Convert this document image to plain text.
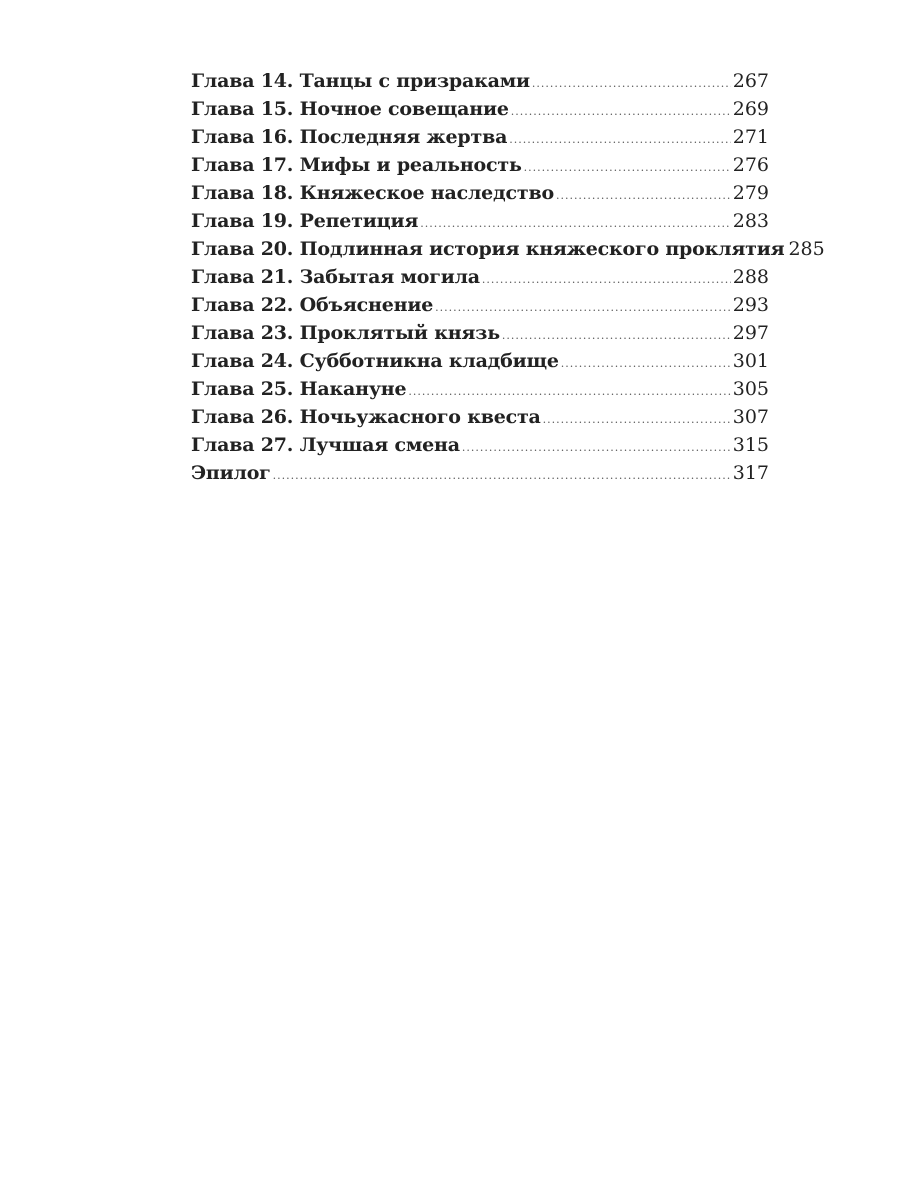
Глава 14. Танцы с призраками .....	267
Глава 15. Ночное совещание .....	269
Глава 16. Последняя жертва .....	271
Глава 17. Мифы и реальность .....	276
Глава 18. Княжеское наследство .....	279
Глава 19. Репетиция .....	283
Глава 20. Подлинная история княжеского проклятия 285
Глава 21. Забытая могила .....	288
Глава 22. Объяснение .....	293
Глава 23. Проклятый князь .....	297
Глава 24. Субботникна кладбище .....	301
Глава 25. Накануне .....	305
Глава 26. Ночьужасного квеста .....	307
Глава 27. Лучшая смена .....	315
Эпилог .....	317
